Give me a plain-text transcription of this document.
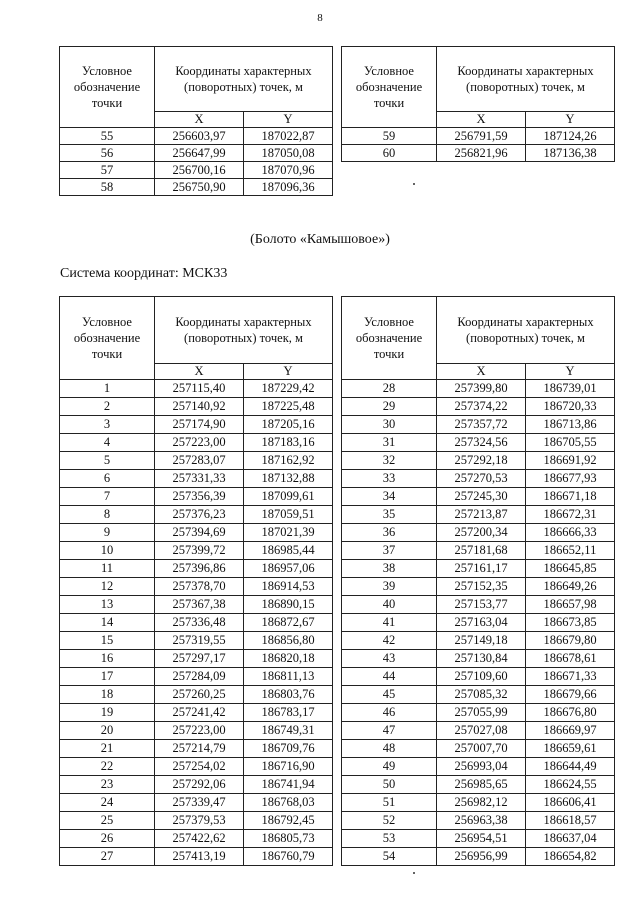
8
Условное обозначение точки	Координаты характерных (поворотных) точек, м	
	X	Y
55	256603,97	187022,87
56	256647,99	187050,08
57	256700,16	187070,96
58	256750,90	187096,36
Условное обозначение точки	Координаты характерных (поворотных) точек, м	
	X	Y
59	256791,59	187124,26
60	256821,96	187136,38
(Болото «Камышовое»)
Система координат: МСК33
Условное обозначение точки	Координаты характерных (поворотных) точек, м	
	X	Y
1	257115,40	187229,42
2	257140,92	187225,48
3	257174,90	187205,16
4	257223,00	187183,16
5	257283,07	187162,92
6	257331,33	187132,88
7	257356,39	187099,61
8	257376,23	187059,51
9	257394,69	187021,39
10	257399,72	186985,44
11	257396,86	186957,06
12	257378,70	186914,53
13	257367,38	186890,15
14	257336,48	186872,67
15	257319,55	186856,80
16	257297,17	186820,18
17	257284,09	186811,13
18	257260,25	186803,76
19	257241,42	186783,17
20	257223,00	186749,31
21	257214,79	186709,76
22	257254,02	186716,90
23	257292,06	186741,94
24	257339,47	186768,03
25	257379,53	186792,45
26	257422,62	186805,73
27	257413,19	186760,79
Условное обозначение точки	Координаты характерных (поворотных) точек, м	
	X	Y
28	257399,80	186739,01
29	257374,22	186720,33
30	257357,72	186713,86
31	257324,56	186705,55
32	257292,18	186691,92
33	257270,53	186677,93
34	257245,30	186671,18
35	257213,87	186672,31
36	257200,34	186666,33
37	257181,68	186652,11
38	257161,17	186645,85
39	257152,35	186649,26
40	257153,77	186657,98
41	257163,04	186673,85
42	257149,18	186679,80
43	257130,84	186678,61
44	257109,60	186671,33
45	257085,32	186679,66
46	257055,99	186676,80
47	257027,08	186669,97
48	257007,70	186659,61
49	256993,04	186644,49
50	256985,65	186624,55
51	256982,12	186606,41
52	256963,38	186618,57
53	256954,51	186637,04
54	256956,99	186654,82
